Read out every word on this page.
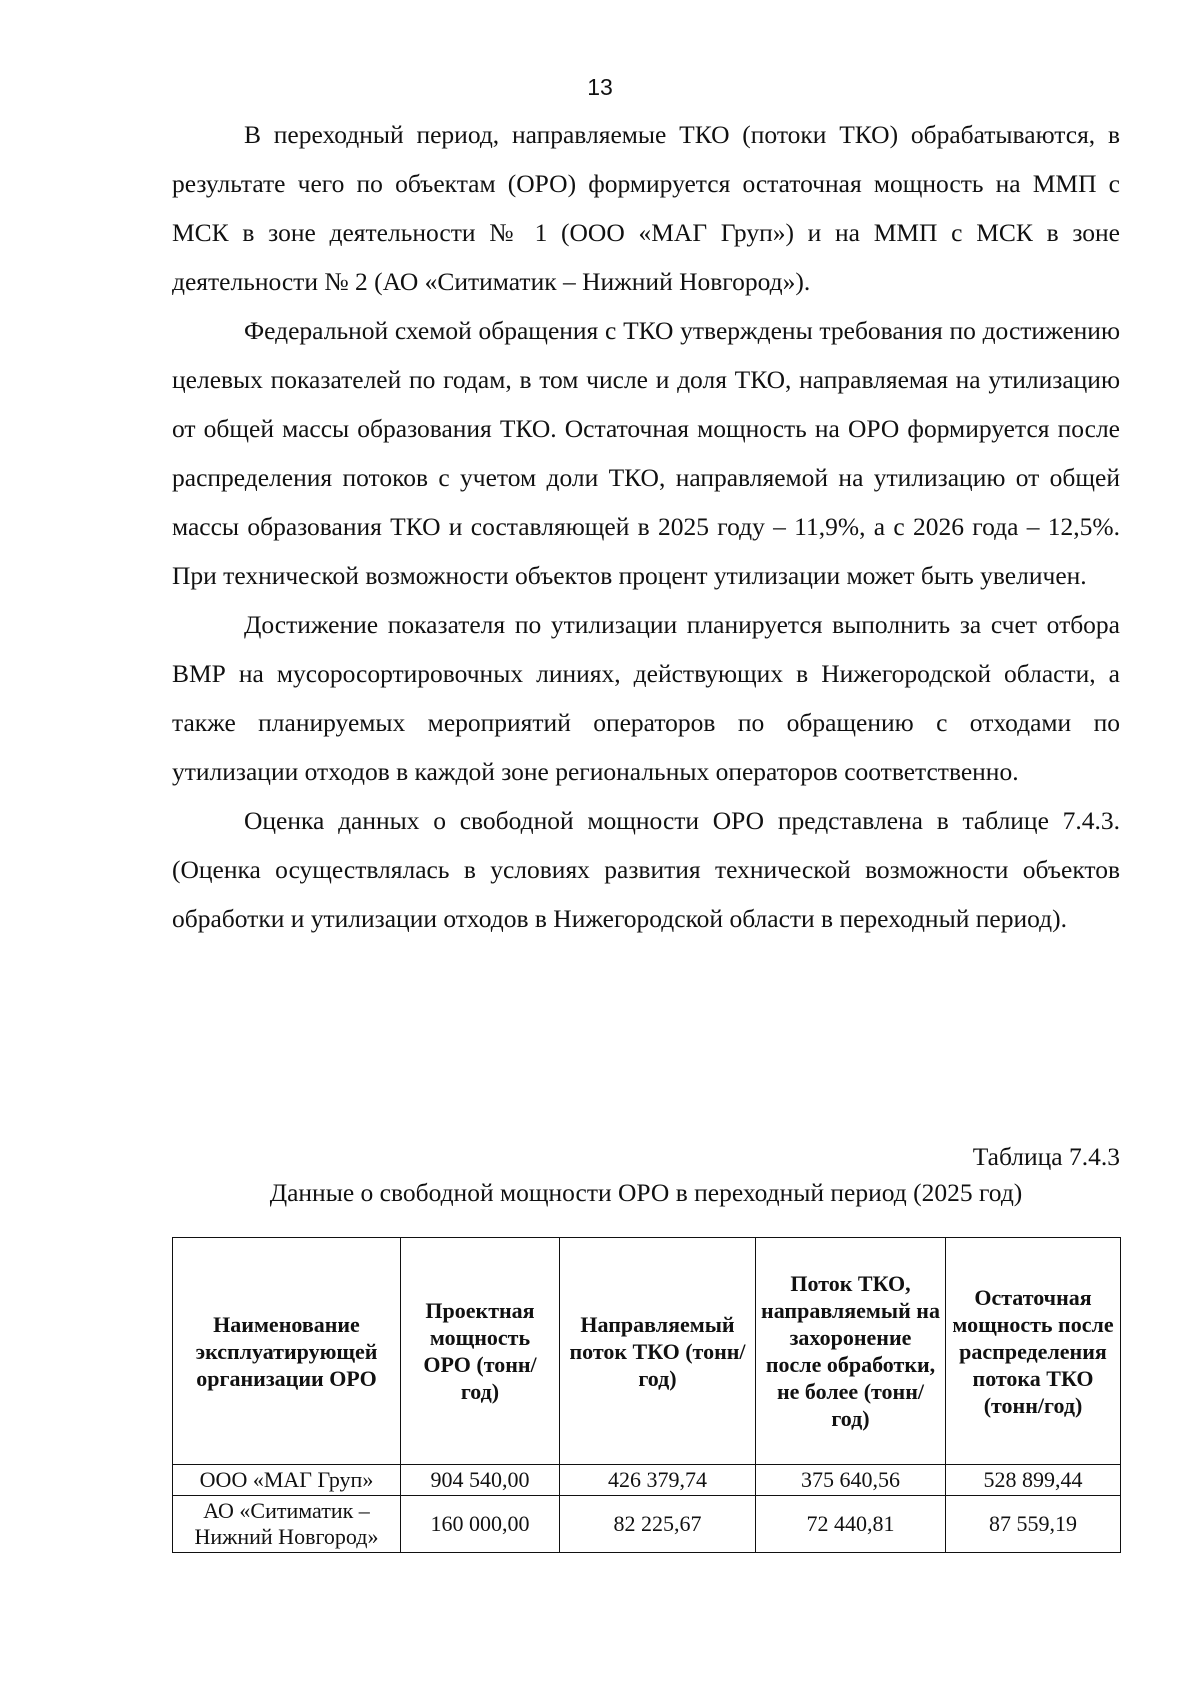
13

В переходный период, направляемые ТКО (потоки ТКО) обрабатываются, в результате чего по объектам (ОРО) формируется остаточная мощность на ММП с МСК в зоне деятельности № 1 (ООО «МАГ Груп») и на ММП с МСК в зоне деятельности № 2 (АО «Ситиматик – Нижний Новгород»).

Федеральной схемой обращения с ТКО утверждены требования по достижению целевых показателей по годам, в том числе и доля ТКО, направляемая на утилизацию от общей массы образования ТКО. Остаточная мощность на ОРО формируется после распределения потоков с учетом доли ТКО, направляемой на утилизацию от общей массы образования ТКО и составляющей в 2025 году – 11,9%, а с 2026 года – 12,5%. При технической возможности объектов процент утилизации может быть увеличен.

Достижение показателя по утилизации планируется выполнить за счет отбора ВМР на мусоросортировочных линиях, действующих в Нижегородской области, а также планируемых мероприятий операторов по обращению с отходами по утилизации отходов в каждой зоне региональных операторов соответственно.

Оценка данных о свободной мощности ОРО представлена в таблице 7.4.3. (Оценка осуществлялась в условиях развития технической возможности объектов обработки и утилизации отходов в Нижегородской области в переходный период).

Таблица 7.4.3
Данные о свободной мощности ОРО в переходный период (2025 год)
Наименование эксплуатирующей организации ОРО	Проектная мощность ОРО (тонн/год)	Направляемый поток ТКО (тонн/год)	Поток ТКО, направляемый на захоронение после обработки, не более (тонн/год)	Остаточная мощность после распределения потока ТКО (тонн/год)
ООО «МАГ Груп»	904 540,00	426 379,74	375 640,56	528 899,44
АО «Ситиматик – Нижний Новгород»	160 000,00	82 225,67	72 440,81	87 559,19
